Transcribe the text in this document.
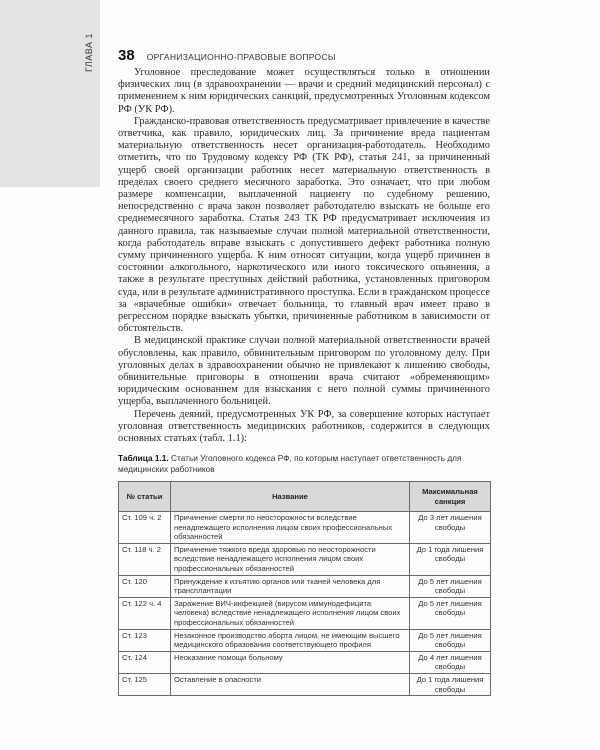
ГЛАВА 1 38 ОРГАНИЗАЦИОННО-ПРАВОВЫЕ ВОПРОСЫ

Уголовное преследование может осуществляться только в отношении физических лиц (в здравоохранении — врачи и средний медицинский персонал) с применением к ним юридических санкций, предусмотренных Уголовным кодексом РФ (УК РФ).

Гражданско-правовая ответственность предусматривает привлечение в качестве ответчика, как правило, юридических лиц. За причинение вреда пациентам материальную ответственность несет организация-работодатель. Необходимо отметить, что по Трудовому кодексу РФ (ТК РФ), статья 241, за причиненный ущерб своей организации работник несет материальную ответственность в пределах своего среднего месячного заработка. Это означает, что при любом размере компенсации, выплаченной пациенту по судебному решению, непосредственно с врача закон позволяет работодателю взыскать не больше его среднемесячного заработка. Статья 243 ТК РФ предусматривает исключения из данного правила, так называемые случаи полной материальной ответственности, когда работодатель вправе взыскать с допустившего дефект работника полную сумму причиненного ущерба. К ним относят ситуации, когда ущерб причинен в состоянии алкогольного, наркотического или иного токсического опьянения, а также в результате преступных действий работника, установленных приговором суда, или в результате административного проступка. Если в гражданском процессе за «врачебные ошибки» отвечает больница, то главный врач имеет право в регрессном порядке взыскать убытки, причиненные работником в зависимости от обстоятельств.

В медицинской практике случаи полной материальной ответственности врачей обусловлены, как правило, обвинительным приговором по уголовному делу. При уголовных делах в здравоохранении обычно не привлекают к лишению свободы, обвинительные приговоры в отношении врача считают «обременяющим» юридическим основанием для взыскания с него полной суммы причиненного ущерба, выплаченного больницей.

Перечень деяний, предусмотренных УК РФ, за совершение которых наступает уголовная ответственность медицинских работников, содержится в следующих основных статьях (табл. 1.1):

Таблица 1.1. Статьи Уголовного кодекса РФ, по которым наступает ответственность для медицинских работников
№ статьи	Название	Максимальная санкция
Ст. 109 ч. 2	Причинение смерти по неосторожности вследствие ненадлежащего исполнения лицом своих профессиональных обязанностей	До 3 лет лишения свободы
Ст. 118 ч. 2	Причинение тяжкого вреда здоровью по неосторожности вследствие ненадлежащего исполнения лицом своих профессиональных обязанностей	До 1 года лишения свободы
Ст. 120	Принуждение к изъятию органов или тканей человека для трансплантации	До 5 лет лишения свободы
Ст. 122 ч. 4	Заражение ВИЧ-инфекцией (вирусом иммунодефицита человека) вследствие ненадлежащего исполнения лицом своих профессиональных обязанностей	До 5 лет лишения свободы
Ст. 123	Незаконное производство аборта лицом, не имеющим высшего медицинского образования соответствующего профиля	До 5 лет лишения свободы
Ст. 124	Неоказание помощи больному	До 4 лет лишения свободы
Ст. 125	Оставление в опасности	До 1 года лишения свободы
